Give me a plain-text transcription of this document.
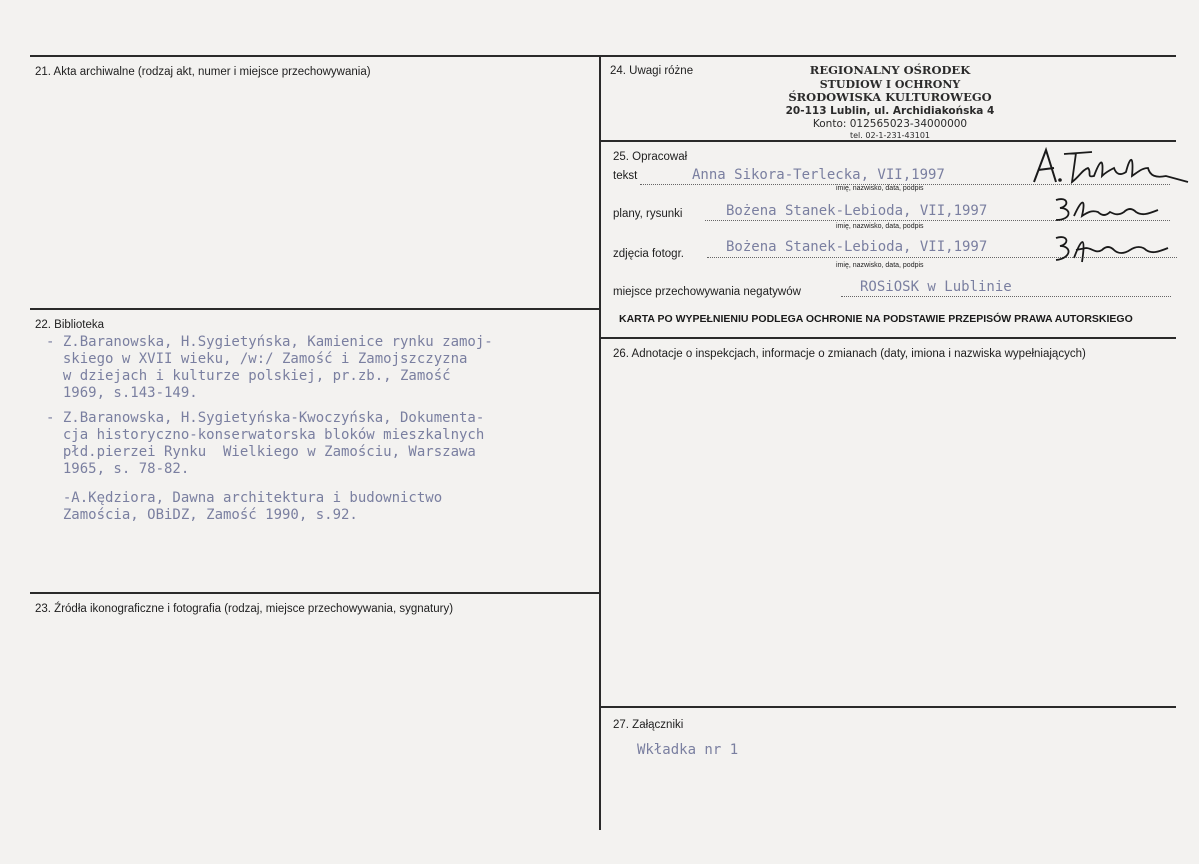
21. Akta archiwalne (rodzaj akt, numer i miejsce przechowywania)
22. Biblioteka
- Z.Baranowska, H.Sygietyńska, Kamienice rynku zamoj-
skiego w XVII wieku, /w:/ Zamość i Zamojszczyzna
w dziejach i kulturze polskiej, pr.zb., Zamość
1969, s.143-149.
- Z.Baranowska, H.Sygietyńska-Kwoczyńska, Dokumenta-
cja historyczno-konserwatorska bloków mieszkalnych
płd.pierzei Rynku  Wielkiego w Zamościu, Warszawa
1965, s. 78-82.
-A.Kędziora, Dawna architektura i budownictwo
Zamościa, OBiDZ, Zamość 1990, s.92.
23. Źródła ikonograficzne i fotografia (rodzaj, miejsce przechowywania, sygnatury)
24. Uwagi różne	REGIONALNY OŚRODEK
STUDIOW I OCHRONY
ŚRODOWISKA KULTUROWEGO
20-113 Lublin, ul. Archidiakońska 4
Konto: 012565023-34000000
tel. 02-1-231-43101
25. Opracował
tekst	Anna Sikora-Terlecka, VII,1997
imię, nazwisko, data, podpis
plany, rysunki	Bożena Stanek-Lebioda, VII,1997
imię, nazwisko, data, podpis
zdjęcia fotogr.	Bożena Stanek-Lebioda, VII,1997
imię, nazwisko, data, podpis
miejsce przechowywania negatywów	ROSiOSK w Lublinie
KARTA PO WYPEŁNIENIU PODLEGA OCHRONIE NA PODSTAWIE PRZEPISÓW PRAWA AUTORSKIEGO
26. Adnotacje o inspekcjach, informacje o zmianach (daty, imiona i nazwiska wypełniających)
27. Załączniki
Wkładka nr 1
